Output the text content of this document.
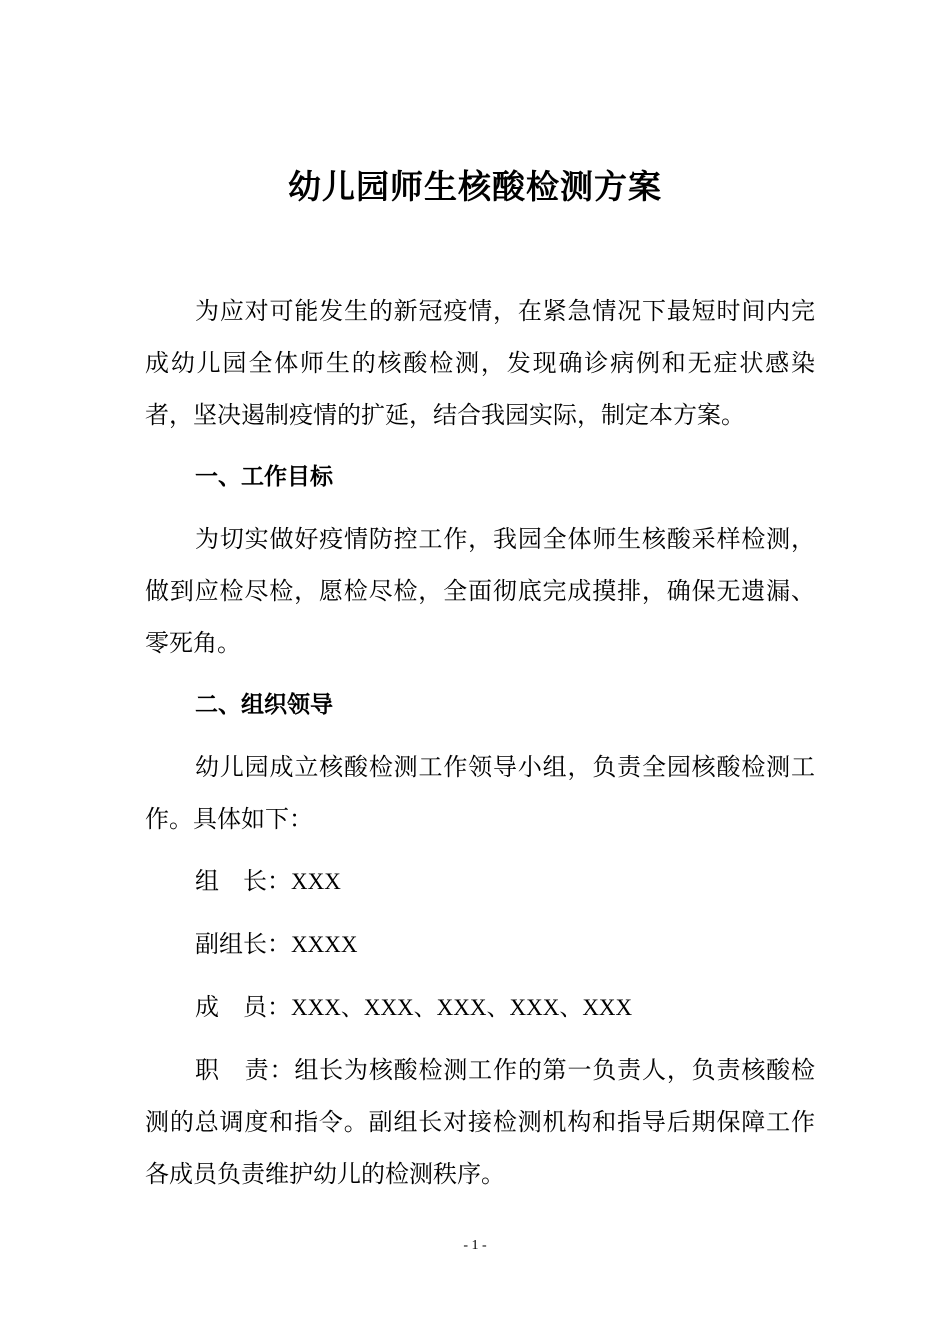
幼儿园师生核酸检测方案

为应对可能发生的新冠疫情，在紧急情况下最短时间内完成幼儿园全体师生的核酸检测，发现确诊病例和无症状感染者，坚决遏制疫情的扩延，结合我园实际，制定本方案。

一、工作目标

为切实做好疫情防控工作，我园全体师生核酸采样检测，做到应检尽检，愿检尽检，全面彻底完成摸排，确保无遗漏、零死角。

二、组织领导

幼儿园成立核酸检测工作领导小组，负责全园核酸检测工作。具体如下：

组　长：XXX

副组长：XXXX

成　员：XXX、XXX、XXX、XXX、XXX

职　责：组长为核酸检测工作的第一负责人，负责核酸检测的总调度和指令。副组长对接检测机构和指导后期保障工作各成员负责维护幼儿的检测秩序。

- 1 -
